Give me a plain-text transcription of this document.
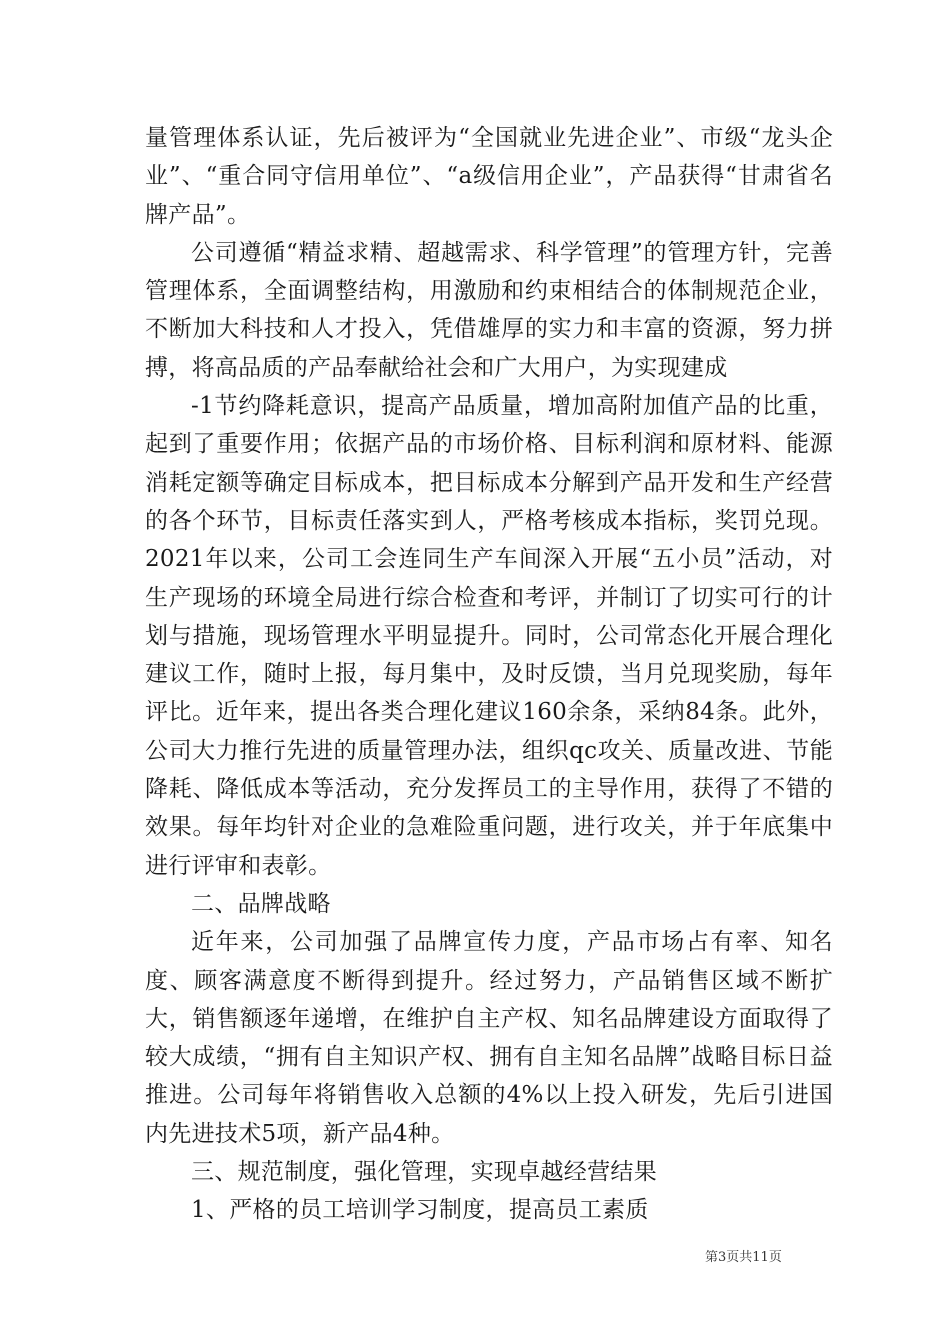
量管理体系认证，先后被评为“全国就业先进企业”、市级“龙头企业”、“重合同守信用单位”、“a级信用企业”，产品获得“甘肃省名牌产品”。

公司遵循“精益求精、超越需求、科学管理”的管理方针，完善管理体系，全面调整结构，用激励和约束相结合的体制规范企业，不断加大科技和人才投入，凭借雄厚的实力和丰富的资源，努力拼搏，将高品质的产品奉献给社会和广大用户，为实现建成

-1节约降耗意识，提高产品质量，增加高附加值产品的比重，起到了重要作用；依据产品的市场价格、目标利润和原材料、能源消耗定额等确定目标成本，把目标成本分解到产品开发和生产经营的各个环节，目标责任落实到人，严格考核成本指标，奖罚兑现。2021年以来，公司工会连同生产车间深入开展“五小员”活动，对生产现场的环境全局进行综合检查和考评，并制订了切实可行的计划与措施，现场管理水平明显提升。同时，公司常态化开展合理化建议工作，随时上报，每月集中，及时反馈，当月兑现奖励，每年评比。近年来，提出各类合理化建议160余条，采纳84条。此外，公司大力推行先进的质量管理办法，组织qc攻关、质量改进、节能降耗、降低成本等活动，充分发挥员工的主导作用，获得了不错的效果。每年均针对企业的急难险重问题，进行攻关，并于年底集中进行评审和表彰。

二、品牌战略

近年来，公司加强了品牌宣传力度，产品市场占有率、知名度、顾客满意度不断得到提升。经过努力，产品销售区域不断扩大，销售额逐年递增，在维护自主产权、知名品牌建设方面取得了较大成绩，“拥有自主知识产权、拥有自主知名品牌”战略目标日益推进。公司每年将销售收入总额的4%以上投入研发，先后引进国内先进技术5项，新产品4种。

三、规范制度，强化管理，实现卓越经营结果

1、严格的员工培训学习制度，提高员工素质

第3页共11页
